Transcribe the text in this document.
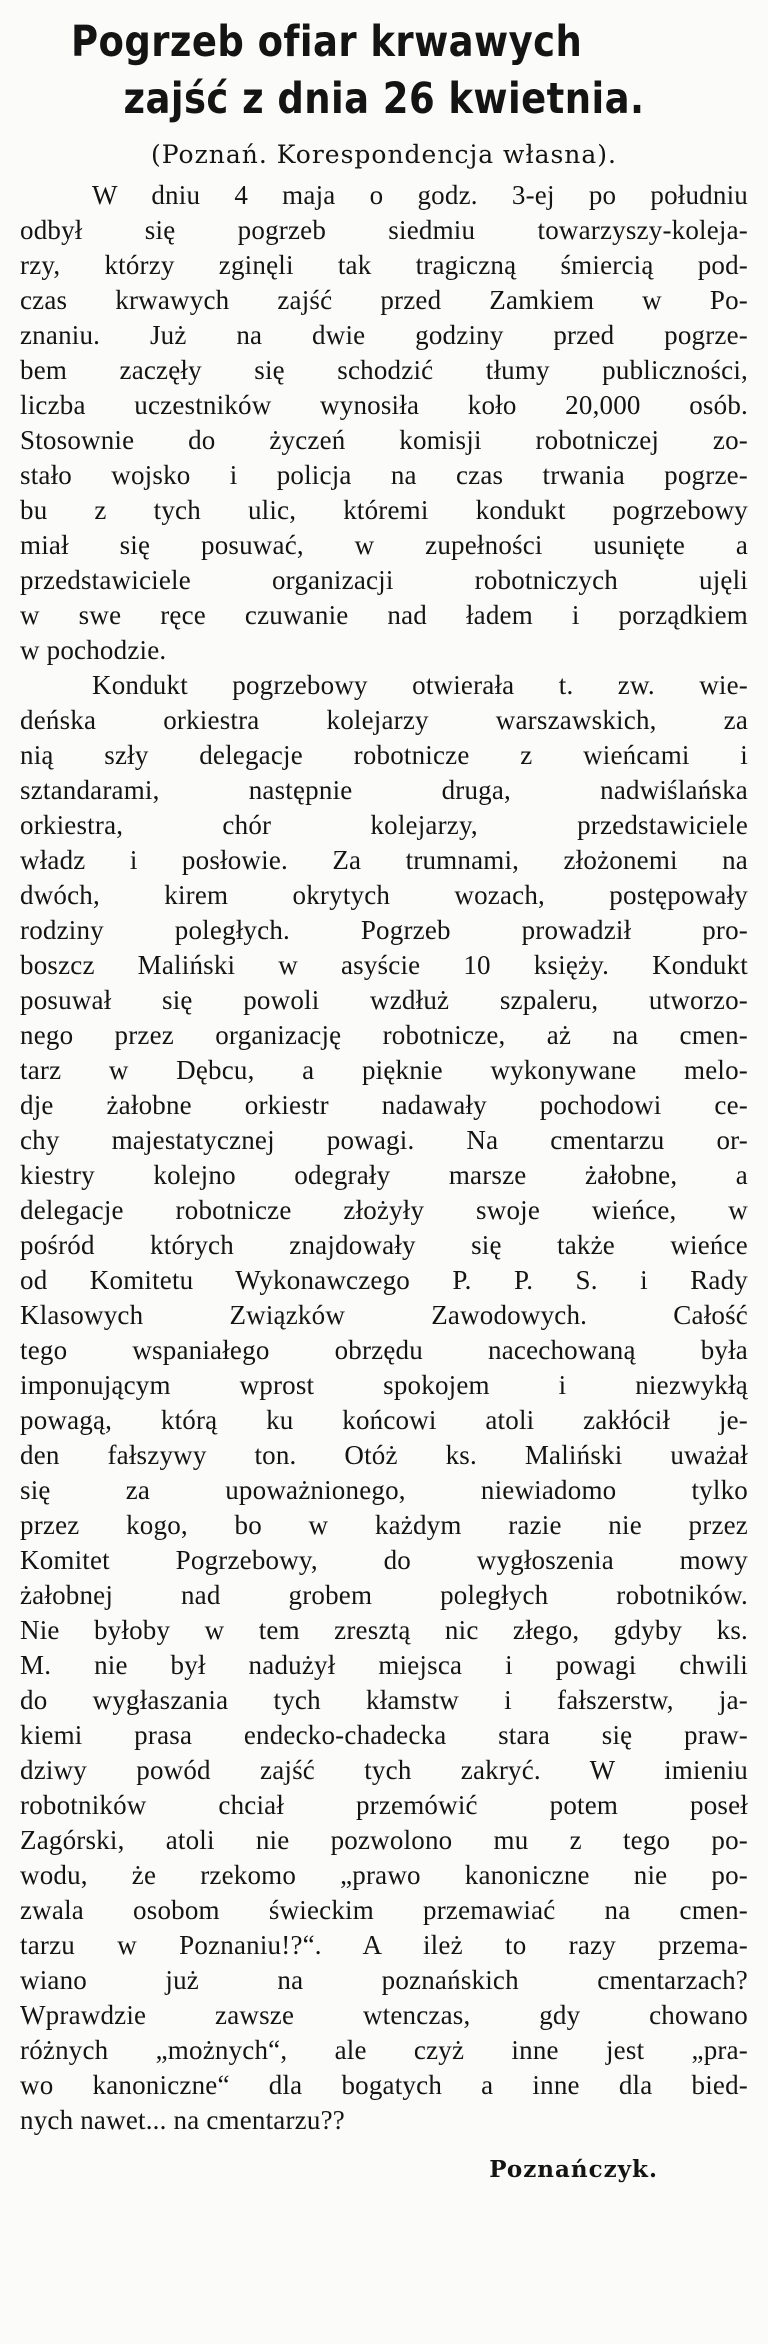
Pogrzeb ofiar krwawych
zajść z dnia 26 kwietnia.
(Poznań. Korespondencja własna).
W dniu 4 maja o godz. 3-ej po południu
odbył się pogrzeb siedmiu towarzyszy-koleja-
rzy, którzy zginęli tak tragiczną śmiercią pod-
czas krwawych zajść przed Zamkiem w Po-
znaniu. Już na dwie godziny przed pogrze-
bem zaczęły się schodzić tłumy publiczności,
liczba uczestników wynosiła koło 20,000 osób.
Stosownie do życzeń komisji robotniczej zo-
stało wojsko i policja na czas trwania pogrze-
bu z tych ulic, któremi kondukt pogrzebowy
miał się posuwać, w zupełności usunięte a
przedstawiciele organizacji robotniczych ujęli
w swe ręce czuwanie nad ładem i porządkiem
w pochodzie.
Kondukt pogrzebowy otwierała t. zw. wie-
deńska orkiestra kolejarzy warszawskich, za
nią szły delegacje robotnicze z wieńcami i
sztandarami, następnie druga, nadwiślańska
orkiestra, chór kolejarzy, przedstawiciele
władz i posłowie. Za trumnami, złożonemi na
dwóch, kirem okrytych wozach, postępowały
rodziny poległych. Pogrzeb prowadził pro-
boszcz Maliński w asyście 10 księży. Kondukt
posuwał się powoli wzdłuż szpaleru, utworzo-
nego przez organizację robotnicze, aż na cmen-
tarz w Dębcu, a pięknie wykonywane melo-
dje żałobne orkiestr nadawały pochodowi ce-
chy majestatycznej powagi. Na cmentarzu or-
kiestry kolejno odegrały marsze żałobne, a
delegacje robotnicze złożyły swoje wieńce, w
pośród których znajdowały się także wieńce
od Komitetu Wykonawczego P. P. S. i Rady
Klasowych Związków Zawodowych. Całość
tego wspaniałego obrzędu nacechowaną była
imponującym wprost spokojem i niezwykłą
powagą, którą ku końcowi atoli zakłócił je-
den fałszywy ton. Otóż ks. Maliński uważał
się za upoważnionego, niewiadomo tylko
przez kogo, bo w każdym razie nie przez
Komitet Pogrzebowy, do wygłoszenia mowy
żałobnej nad grobem poległych robotników.
Nie byłoby w tem zresztą nic złego, gdyby ks.
M. nie był nadużył miejsca i powagi chwili
do wygłaszania tych kłamstw i fałszerstw, ja-
kiemi prasa endecko-chadecka stara się praw-
dziwy powód zajść tych zakryć. W imieniu
robotników chciał przemówić potem poseł
Zagórski, atoli nie pozwolono mu z tego po-
wodu, że rzekomo „prawo kanoniczne nie po-
zwala osobom świeckim przemawiać na cmen-
tarzu w Poznaniu!?“. A ileż to razy przemа-
wiano już na poznańskich cmentarzach?
Wprawdzie zawsze wtenczas, gdy chowano
różnych „możnych“, ale czyż inne jest „pra-
wo kanoniczne“ dla bogatych a inne dla bied-
nych nawet... na cmentarzu??
Poznańczyk.
